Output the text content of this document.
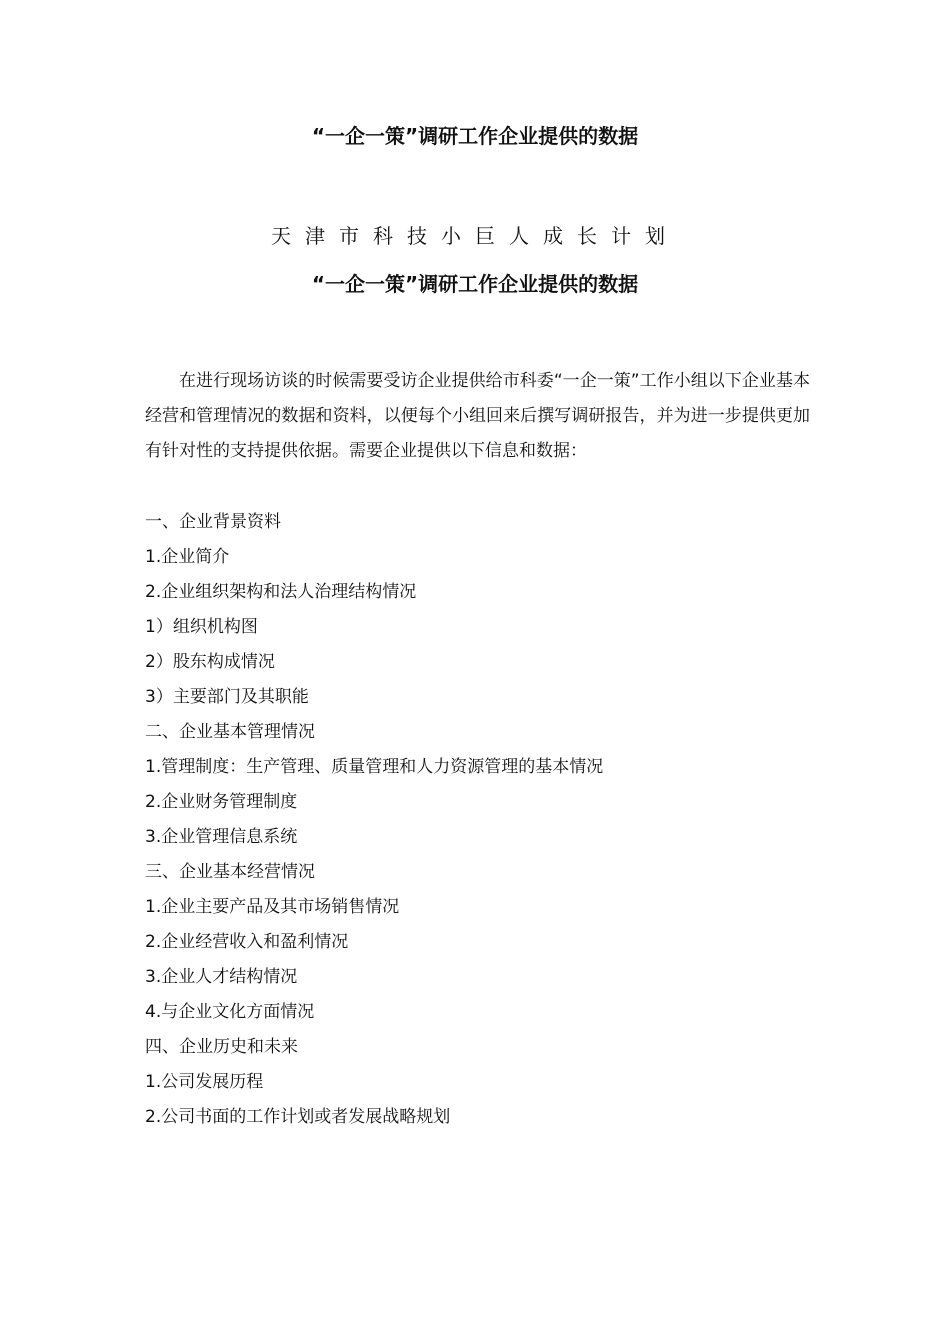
“一企一策”调研工作企业提供的数据
天津市科技小巨人成长计划
“一企一策”调研工作企业提供的数据

在进行现场访谈的时候需要受访企业提供给市科委“一企一策”工作小组以下企业基本经营和管理情况的数据和资料，以便每个小组回来后撰写调研报告，并为进一步提供更加有针对性的支持提供依据。需要企业提供以下信息和数据：

一、企业背景资料
1.企业简介
2.企业组织架构和法人治理结构情况
1）组织机构图
2）股东构成情况
3）主要部门及其职能
二、企业基本管理情况
1.管理制度：生产管理、质量管理和人力资源管理的基本情况
2.企业财务管理制度
3.企业管理信息系统
三、企业基本经营情况
1.企业主要产品及其市场销售情况
2.企业经营收入和盈利情况
3.企业人才结构情况
4.与企业文化方面情况
四、企业历史和未来
1.公司发展历程
2.公司书面的工作计划或者发展战略规划
